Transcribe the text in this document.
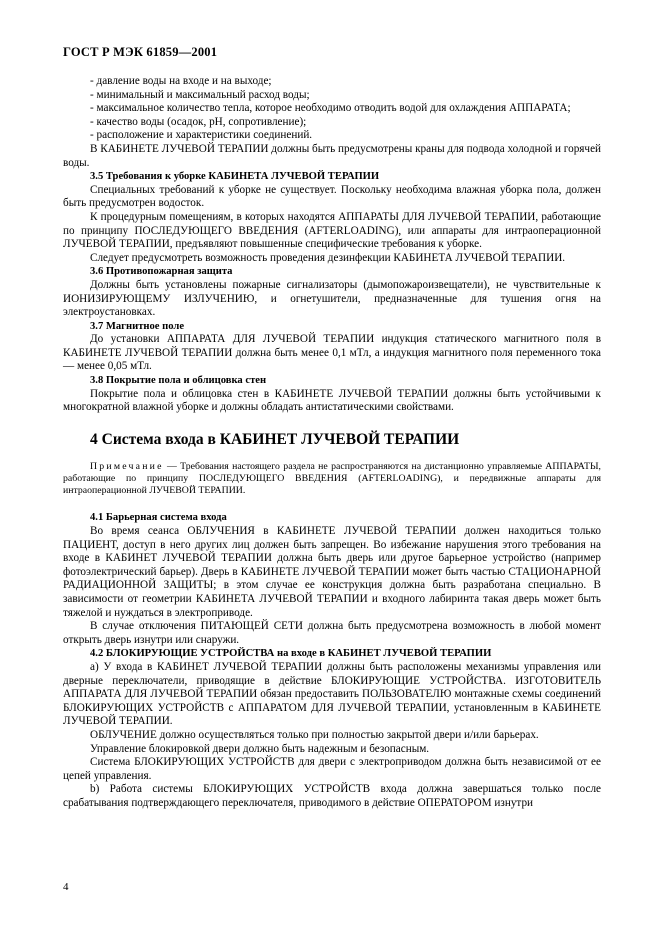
ГОСТ Р МЭК 61859—2001

- давление воды на входе и на выходе;

- минимальный и максимальный расход воды;

- максимальное количество тепла, которое необходимо отводить водой для охлаждения АППАРАТА;

- качество воды (осадок, pH, сопротивление);

- расположение и характеристики соединений.

В КАБИНЕТЕ ЛУЧЕВОЙ ТЕРАПИИ должны быть предусмотрены краны для подвода холодной и горячей воды.

3.5 Требования к уборке КАБИНЕТА ЛУЧЕВОЙ ТЕРАПИИ

Специальных требований к уборке не существует. Поскольку необходима влажная уборка пола, должен быть предусмотрен водосток.

К процедурным помещениям, в которых находятся АППАРАТЫ ДЛЯ ЛУЧЕВОЙ ТЕРАПИИ, работающие по принципу ПОСЛЕДУЮЩЕГО ВВЕДЕНИЯ (AFTERLOADING), или аппараты для интраоперационной ЛУЧЕВОЙ ТЕРАПИИ, предъявляют повышенные специфические требования к уборке.

Следует предусмотреть возможность проведения дезинфекции КАБИНЕТА ЛУЧЕВОЙ ТЕРАПИИ.

3.6 Противопожарная защита

Должны быть установлены пожарные сигнализаторы (дымопожароизвещатели), не чувствительные к ИОНИЗИРУЮЩЕМУ ИЗЛУЧЕНИЮ, и огнетушители, предназначенные для тушения огня на электроустановках.

3.7 Магнитное поле

До установки АППАРАТА ДЛЯ ЛУЧЕВОЙ ТЕРАПИИ индукция статического магнитного поля в КАБИНЕТЕ ЛУЧЕВОЙ ТЕРАПИИ должна быть менее 0,1 мТл, а индукция магнитного поля переменного тока — менее 0,05 мТл.

3.8 Покрытие пола и облицовка стен

Покрытие пола и облицовка стен в КАБИНЕТЕ ЛУЧЕВОЙ ТЕРАПИИ должны быть устойчивыми к многократной влажной уборке и должны обладать антистатическими свойствами.

4 Система входа в КАБИНЕТ ЛУЧЕВОЙ ТЕРАПИИ

Примечание — Требования настоящего раздела не распространяются на дистанционно управляемые АППАРАТЫ, работающие по принципу ПОСЛЕДУЮЩЕГО ВВЕДЕНИЯ (AFTERLOADING), и передвижные аппараты для интраоперационной ЛУЧЕВОЙ ТЕРАПИИ.

4.1 Барьерная система входа

Во время сеанса ОБЛУЧЕНИЯ в КАБИНЕТЕ ЛУЧЕВОЙ ТЕРАПИИ должен находиться только ПАЦИЕНТ, доступ в него других лиц должен быть запрещен. Во избежание нарушения этого требования на входе в КАБИНЕТ ЛУЧЕВОЙ ТЕРАПИИ должна быть дверь или другое барьерное устройство (например фотоэлектрический барьер). Дверь в КАБИНЕТЕ ЛУЧЕВОЙ ТЕРАПИИ может быть частью СТАЦИОНАРНОЙ РАДИАЦИОННОЙ ЗАЩИТЫ; в этом случае ее конструкция должна быть разработана специально. В зависимости от геометрии КАБИНЕТА ЛУЧЕВОЙ ТЕРАПИИ и входного лабиринта такая дверь может быть тяжелой и нуждаться в электроприводе.

В случае отключения ПИТАЮЩЕЙ СЕТИ должна быть предусмотрена возможность в любой момент открыть дверь изнутри или снаружи.

4.2 БЛОКИРУЮЩИЕ УСТРОЙСТВА на входе в КАБИНЕТ ЛУЧЕВОЙ ТЕРАПИИ

а) У входа в КАБИНЕТ ЛУЧЕВОЙ ТЕРАПИИ должны быть расположены механизмы управления или дверные переключатели, приводящие в действие БЛОКИРУЮЩИЕ УСТРОЙСТВА. ИЗГОТОВИТЕЛЬ АППАРАТА ДЛЯ ЛУЧЕВОЙ ТЕРАПИИ обязан предоставить ПОЛЬЗОВАТЕЛЮ монтажные схемы соединений БЛОКИРУЮЩИХ УСТРОЙСТВ с АППАРАТОМ ДЛЯ ЛУЧЕВОЙ ТЕРАПИИ, установленным в КАБИНЕТЕ ЛУЧЕВОЙ ТЕРАПИИ.

ОБЛУЧЕНИЕ должно осуществляться только при полностью закрытой двери и/или барьерах.

Управление блокировкой двери должно быть надежным и безопасным.

Система БЛОКИРУЮЩИХ УСТРОЙСТВ для двери с электроприводом должна быть независимой от ее цепей управления.

b) Работа системы БЛОКИРУЮЩИХ УСТРОЙСТВ входа должна завершаться только после срабатывания подтверждающего переключателя, приводимого в действие ОПЕРАТОРОМ изнутри

4
